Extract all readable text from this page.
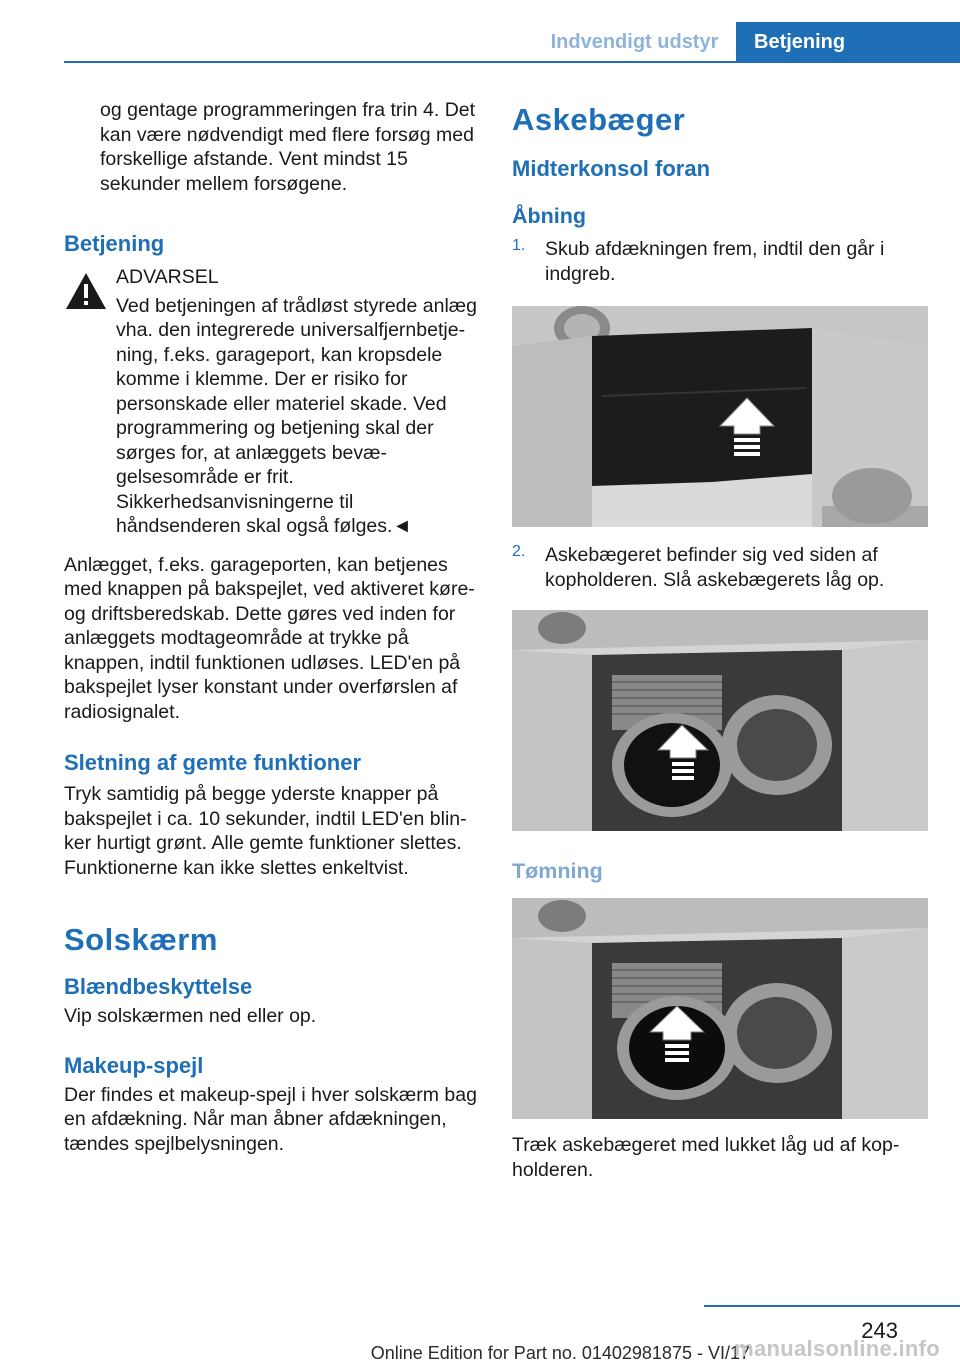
Indvendigt udstyr	Betjening

og gentage programmeringen fra trin 4. Det kan være nødvendigt med flere forsøg med forskellige afstande. Vent mindst 15 sekunder mellem forsøgene.

Betjening

ADVARSEL

Ved betjeningen af trådløst styrede anlæg vha. den integrerede universalfjernbetjening, f.eks. garageport, kan kropsdele komme i klemme. Der er risiko for personskade eller materiel skade. Ved programmering og betjening skal der sørges for, at anlæggets bevægelsesområde er frit. Sikkerhedsanvisningerne til håndsenderen skal også følges.◄

Anlægget, f.eks. garageporten, kan betjenes med knappen på bakspejlet, ved aktiveret køre- og driftsberedskab. Dette gøres ved inden for anlæggets modtageområde at trykke på knappen, indtil funktionen udløses. LED'en på bakspejlet lyser konstant under overførslen af radiosignalet.

Sletning af gemte funktioner

Tryk samtidig på begge yderste knapper på bakspejlet i ca. 10 sekunder, indtil LED'en blinker hurtigt grønt. Alle gemte funktioner slettes. Funktionerne kan ikke slettes enkeltvist.

Solskærm
Blændbeskyttelse

Vip solskærmen ned eller op.

Makeup-spejl

Der findes et makeup-spejl i hver solskærm bag en afdækning. Når man åbner afdækningen, tændes spejlbelysningen.

Askebæger
Midterkonsol foran
Åbning
1. Skub afdækningen frem, indtil den går i indgreb.

2. Askebægeret befinder sig ved siden af kopholderen. Slå askebægerets låg op.

Tømning

Træk askebægeret med lukket låg ud af kopholderen.

243
Online Edition for Part no. 01402981875 - VI/17
manualsonline.info
